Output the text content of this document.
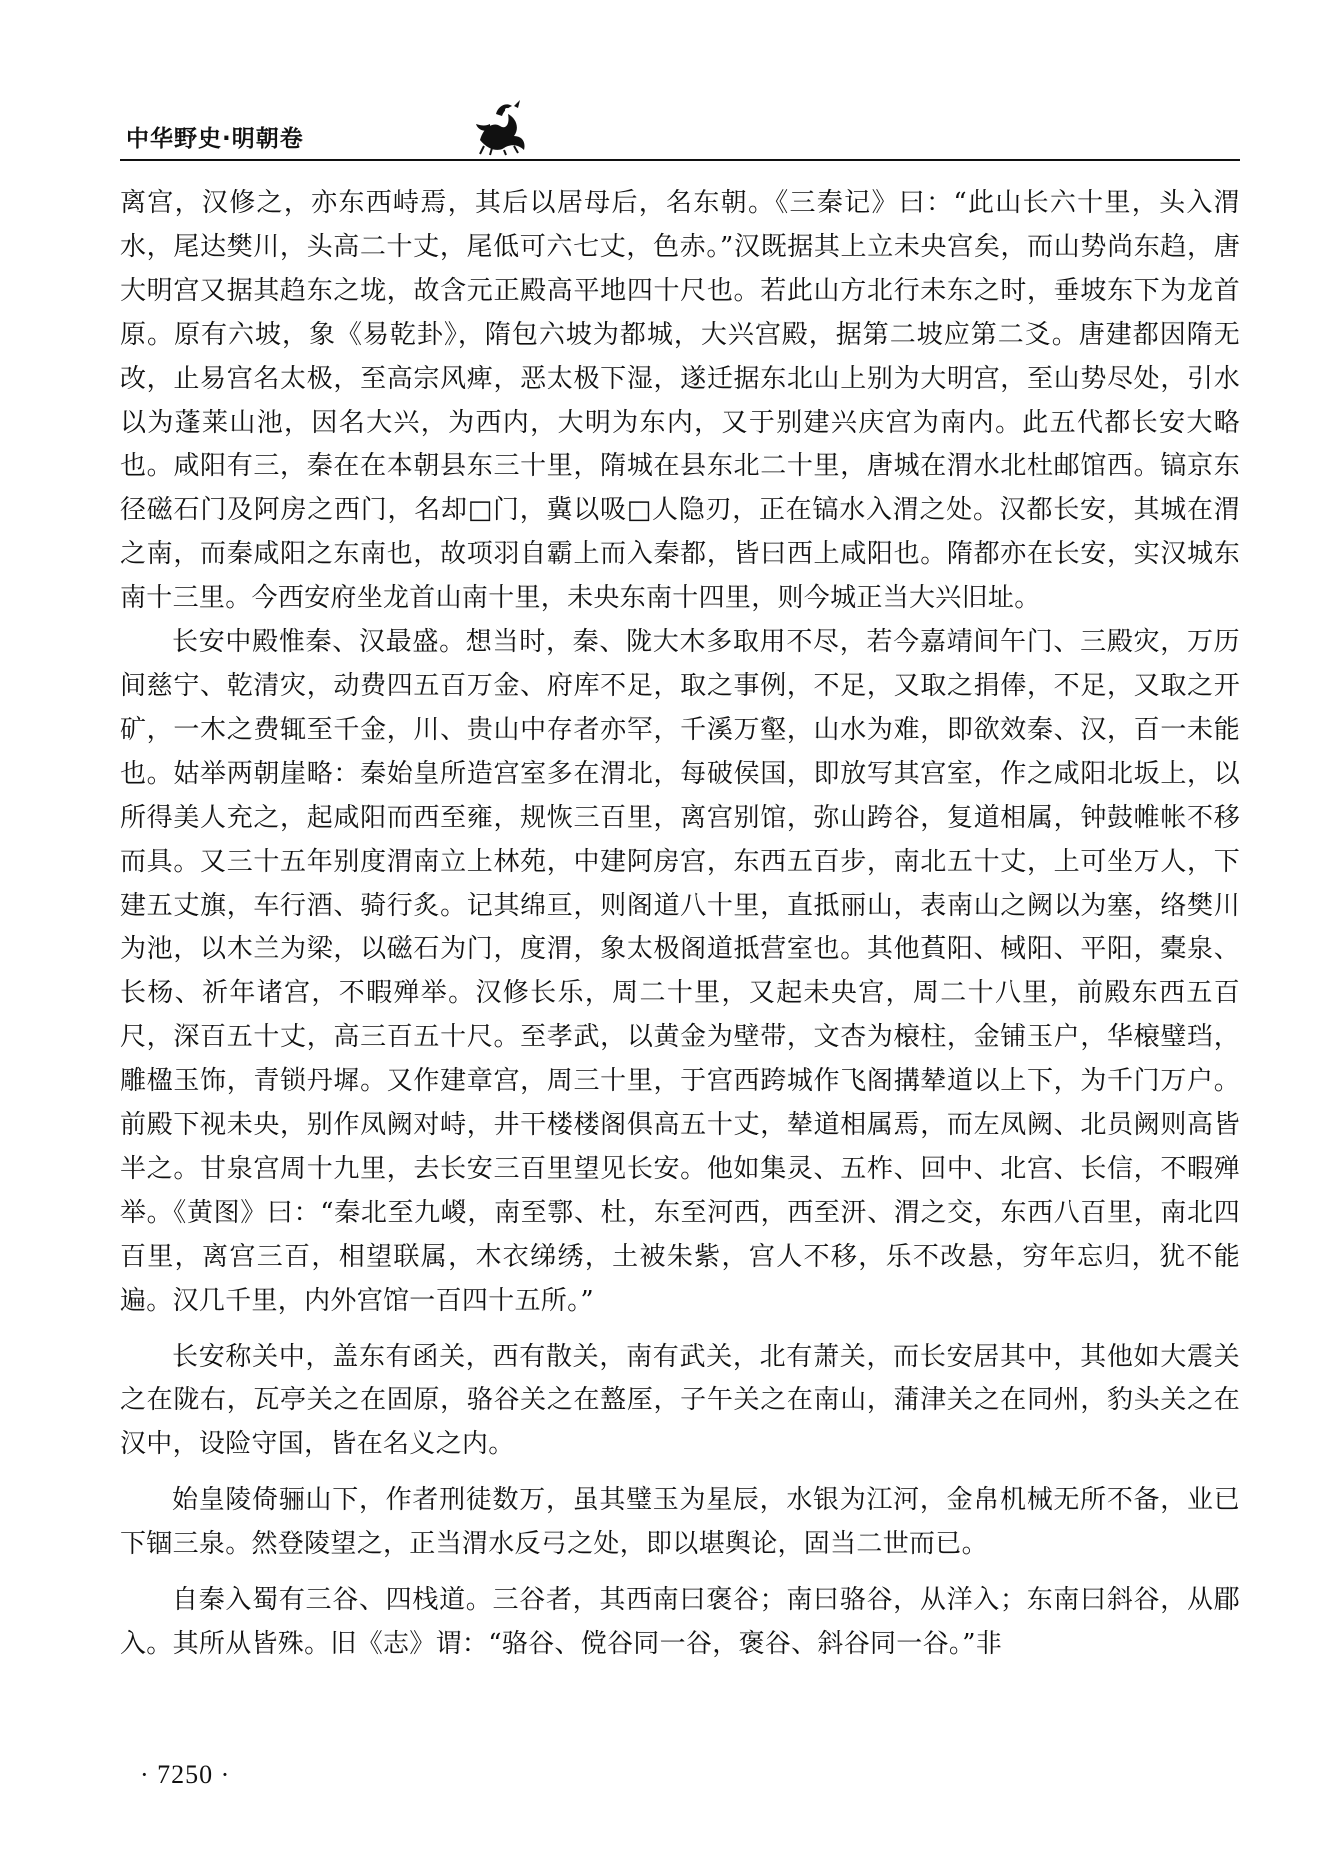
中华野史·明朝卷

离宫，汉修之，亦东西峙焉，其后以居母后，名东朝。《三秦记》曰：“此山长六十里，头入渭水，尾达樊川，头高二十丈，尾低可六七丈，色赤。”汉既据其上立未央宫矣，而山势尚东趋，唐大明宫又据其趋东之垅，故含元正殿高平地四十尺也。若此山方北行未东之时，垂坡东下为龙首原。原有六坡，象《易乾卦》，隋包六坡为都城，大兴宫殿，据第二坡应第二爻。唐建都因隋无改，止易宫名太极，至高宗风痺，恶太极下湿，遂迁据东北山上别为大明宫，至山势尽处，引水以为蓬莱山池，因名大兴，为西内，大明为东内，又于别建兴庆宫为南内。此五代都长安大略也。咸阳有三，秦在在本朝县东三十里，隋城在县东北二十里，唐城在渭水北杜邮馆西。镐京东径磁石门及阿房之西门，名却□门，冀以吸□人隐刃，正在镐水入渭之处。汉都长安，其城在渭之南，而秦咸阳之东南也，故项羽自霸上而入秦都，皆曰西上咸阳也。隋都亦在长安，实汉城东南十三里。今西安府坐龙首山南十里，未央东南十四里，则今城正当大兴旧址。

长安中殿惟秦、汉最盛。想当时，秦、陇大木多取用不尽，若今嘉靖间午门、三殿灾，万历间慈宁、乾清灾，动费四五百万金、府库不足，取之事例，不足，又取之捐俸，不足，又取之开矿，一木之费辄至千金，川、贵山中存者亦罕，千溪万壑，山水为难，即欲效秦、汉，百一未能也。姑举两朝崖略：秦始皇所造宫室多在渭北，每破侯国，即放写其宫室，作之咸阳北坂上，以所得美人充之，起咸阳而西至雍，规恢三百里，离宫别馆，弥山跨谷，复道相属，钟鼓帷帐不移而具。又三十五年别度渭南立上林苑，中建阿房宫，东西五百步，南北五十丈，上可坐万人，下建五丈旗，车行酒、骑行炙。记其绵亘，则阁道八十里，直抵丽山，表南山之阙以为塞，络樊川为池，以木兰为梁，以磁石为门，度渭，象太极阁道抵营室也。其他萯阳、棫阳、平阳，橐泉、长杨、祈年诸宫，不暇殚举。汉修长乐，周二十里，又起未央宫，周二十八里，前殿东西五百尺，深百五十丈，高三百五十尺。至孝武，以黄金为壁带，文杏为榱柱，金铺玉户，华榱璧珰，雕楹玉饰，青锁丹墀。又作建章宫，周三十里，于宫西跨城作飞阁搆辇道以上下，为千门万户。前殿下视未央，别作凤阙对峙，井干楼楼阁俱高五十丈，辇道相属焉，而左凤阙、北员阙则高皆半之。甘泉宫周十九里，去长安三百里望见长安。他如集灵、五柞、回中、北宫、长信，不暇殚举。《黄图》曰：“秦北至九嵕，南至鄠、杜，东至河西，西至汧、渭之交，东西八百里，南北四百里，离宫三百，相望联属，木衣绨绣，土被朱紫，宫人不移，乐不改悬，穷年忘归，犹不能遍。汉几千里，内外宫馆一百四十五所。”

长安称关中，盖东有函关，西有散关，南有武关，北有萧关，而长安居其中，其他如大震关之在陇右，瓦亭关之在固原，骆谷关之在盩厔，子午关之在南山，蒲津关之在同州，豹头关之在汉中，设险守国，皆在名义之内。

始皇陵倚骊山下，作者刑徒数万，虽其璧玉为星辰，水银为江河，金帛机械无所不备，业已下锢三泉。然登陵望之，正当渭水反弓之处，即以堪舆论，固当二世而已。

自秦入蜀有三谷、四栈道。三谷者，其西南曰褒谷；南曰骆谷，从洋入；东南曰斜谷，从郿入。其所从皆殊。旧《志》谓：“骆谷、傥谷同一谷，褒谷、斜谷同一谷。”非

· 7250 ·
